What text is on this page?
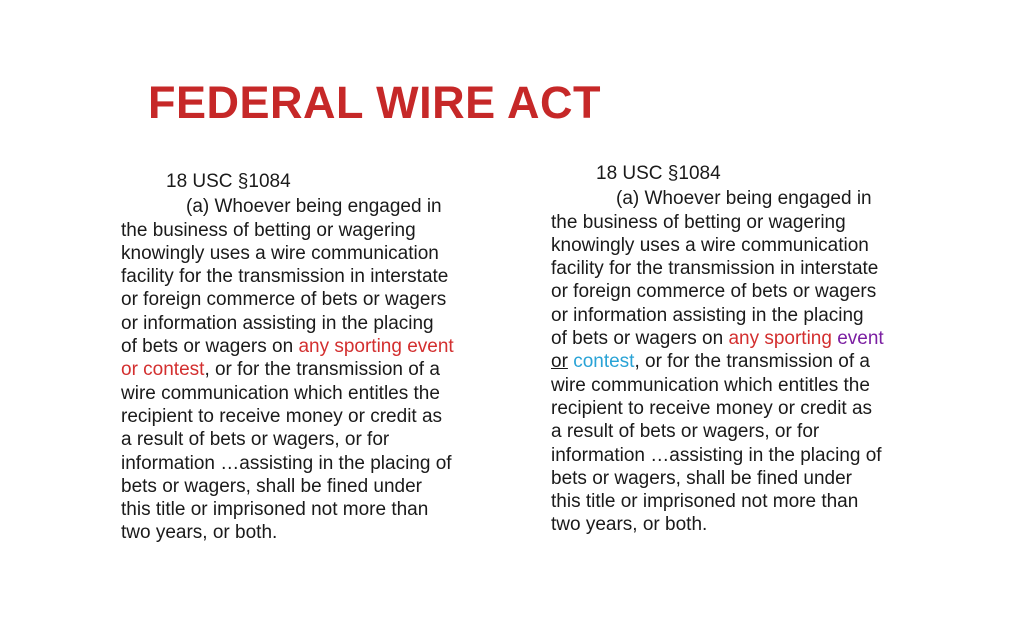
FEDERAL WIRE ACT
18 USC §1084
(a) Whoever being engaged in
the business of betting or wagering
knowingly uses a wire communication
facility for the transmission in interstate
or foreign commerce of bets or wagers
or information assisting in the placing
of bets or wagers on any sporting event
or contest, or for the transmission of a
wire communication which entitles the
recipient to receive money or credit as
a result of bets or wagers, or for
information …assisting in the placing of
bets or wagers, shall be fined under
this title or imprisoned not more than
two years, or both.
18 USC §1084
(a) Whoever being engaged in
the business of betting or wagering
knowingly uses a wire communication
facility for the transmission in interstate
or foreign commerce of bets or wagers
or information assisting in the placing
of bets or wagers on any sporting event
or contest, or for the transmission of a
wire communication which entitles the
recipient to receive money or credit as
a result of bets or wagers, or for
information …assisting in the placing of
bets or wagers, shall be fined under
this title or imprisoned not more than
two years, or both.
